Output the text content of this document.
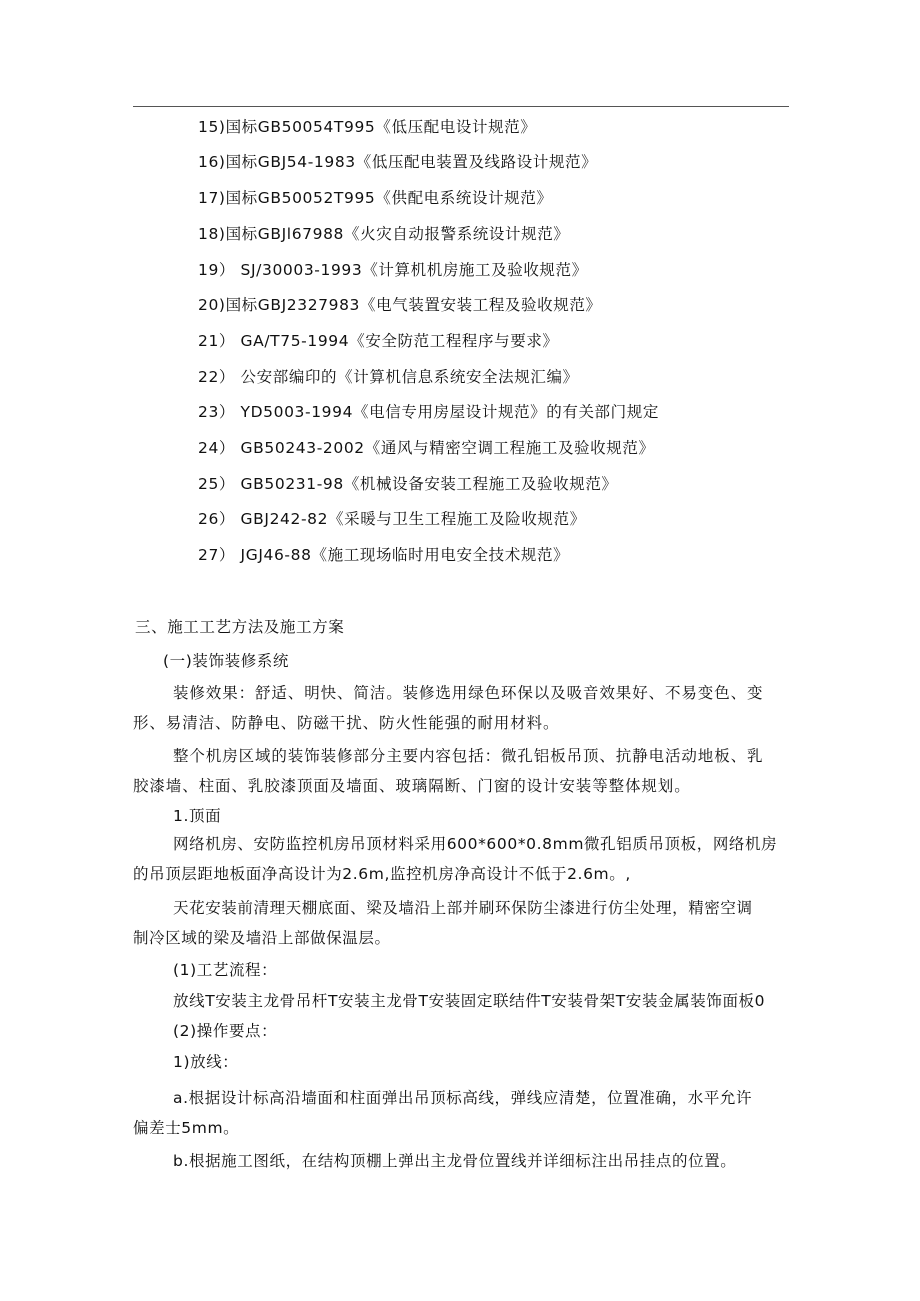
15)国标GB50054T995《低压配电设计规范》
16)国标GBJ54-1983《低压配电装置及线路设计规范》
17)国标GB50052T995《供配电系统设计规范》
18)国标GBJl67988《火灾自动报警系统设计规范》
19） SJ/30003-1993《计算机机房施工及验收规范》
20)国标GBJ2327983《电气装置安装工程及验收规范》
21） GA/T75-1994《安全防范工程程序与要求》
22） 公安部编印的《计算机信息系统安全法规汇编》
23） YD5003-1994《电信专用房屋设计规范》的有关部门规定
24） GB50243-2002《通风与精密空调工程施工及验收规范》
25） GB50231-98《机械设备安装工程施工及验收规范》
26） GBJ242-82《采暖与卫生工程施工及险收规范》
27） JGJ46-88《施工现场临时用电安全技术规范》
三、施工工艺方法及施工方案
(一)装饰装修系统
装修效果：舒适、明快、简洁。装修选用绿色环保以及吸音效果好、不易变色、变
形、易清洁、防静电、防磁干扰、防火性能强的耐用材料。
整个机房区域的装饰装修部分主要内容包括：微孔铝板吊顶、抗静电活动地板、乳
胶漆墙、柱面、乳胶漆顶面及墙面、玻璃隔断、门窗的设计安装等整体规划。
1.顶面
网络机房、安防监控机房吊顶材料采用600*600*0.8mm微孔铝质吊顶板，网络机房
的吊顶层距地板面净高设计为2.6m,监控机房净高设计不低于2.6m。,
天花安装前清理天棚底面、梁及墙沿上部并刷环保防尘漆进行仿尘处理，精密空调
制冷区域的梁及墙沿上部做保温层。
(1)工艺流程：
放线T安装主龙骨吊杆T安装主龙骨T安装固定联结件T安装骨架T安装金属装饰面板0
(2)操作要点：
1)放线：
a.根据设计标高沿墙面和柱面弹出吊顶标高线，弹线应清楚，位置准确，水平允许
偏差士5mm。
b.根据施工图纸，在结构顶棚上弹出主龙骨位置线并详细标注出吊挂点的位置。
